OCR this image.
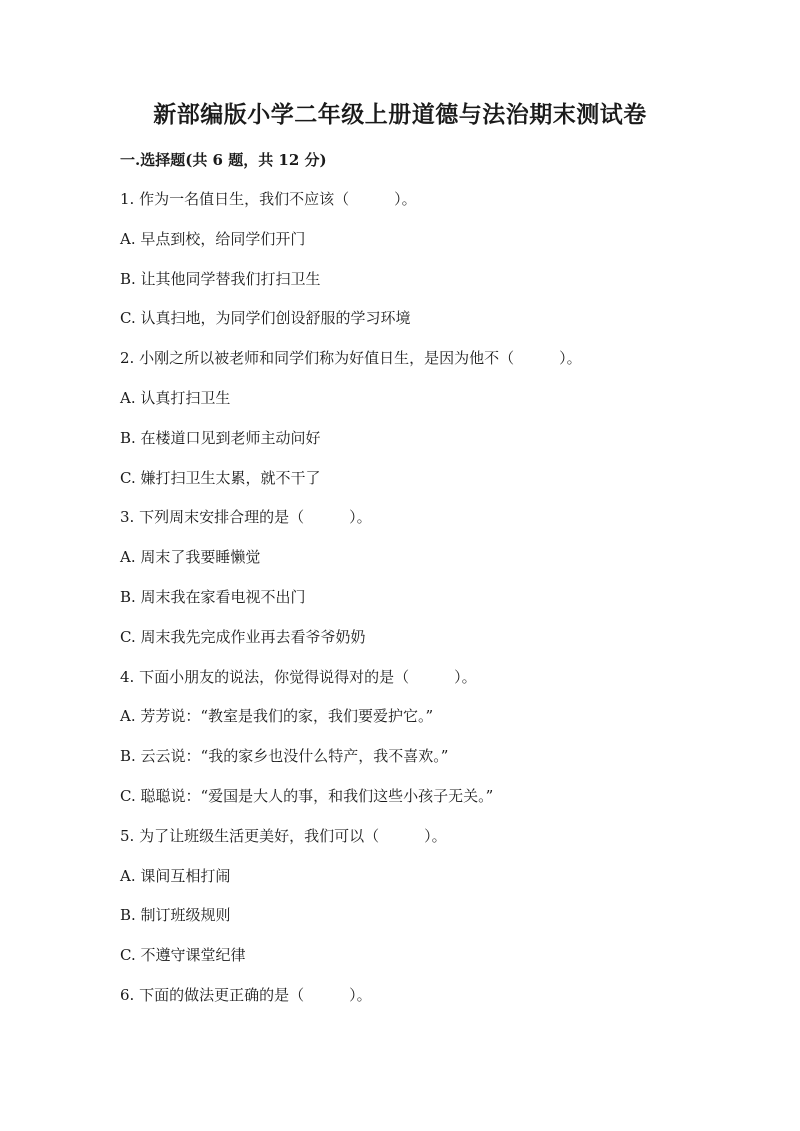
新部编版小学二年级上册道德与法治期末测试卷
一.选择题(共 6 题，共 12 分)
1. 作为一名值日生，我们不应该（　　　）。
A. 早点到校，给同学们开门
B. 让其他同学替我们打扫卫生
C. 认真扫地，为同学们创设舒服的学习环境
2. 小刚之所以被老师和同学们称为好值日生，是因为他不（　　　）。
A. 认真打扫卫生
B. 在楼道口见到老师主动问好
C. 嫌打扫卫生太累，就不干了
3. 下列周末安排合理的是（　　　）。
A. 周末了我要睡懒觉
B. 周末我在家看电视不出门
C. 周末我先完成作业再去看爷爷奶奶
4. 下面小朋友的说法，你觉得说得对的是（　　　）。
A. 芳芳说：“教室是我们的家，我们要爱护它。”
B. 云云说：“我的家乡也没什么特产，我不喜欢。”
C. 聪聪说：“爱国是大人的事，和我们这些小孩子无关。”
5. 为了让班级生活更美好，我们可以（　　　）。
A. 课间互相打闹
B. 制订班级规则
C. 不遵守课堂纪律
6. 下面的做法更正确的是（　　　）。
